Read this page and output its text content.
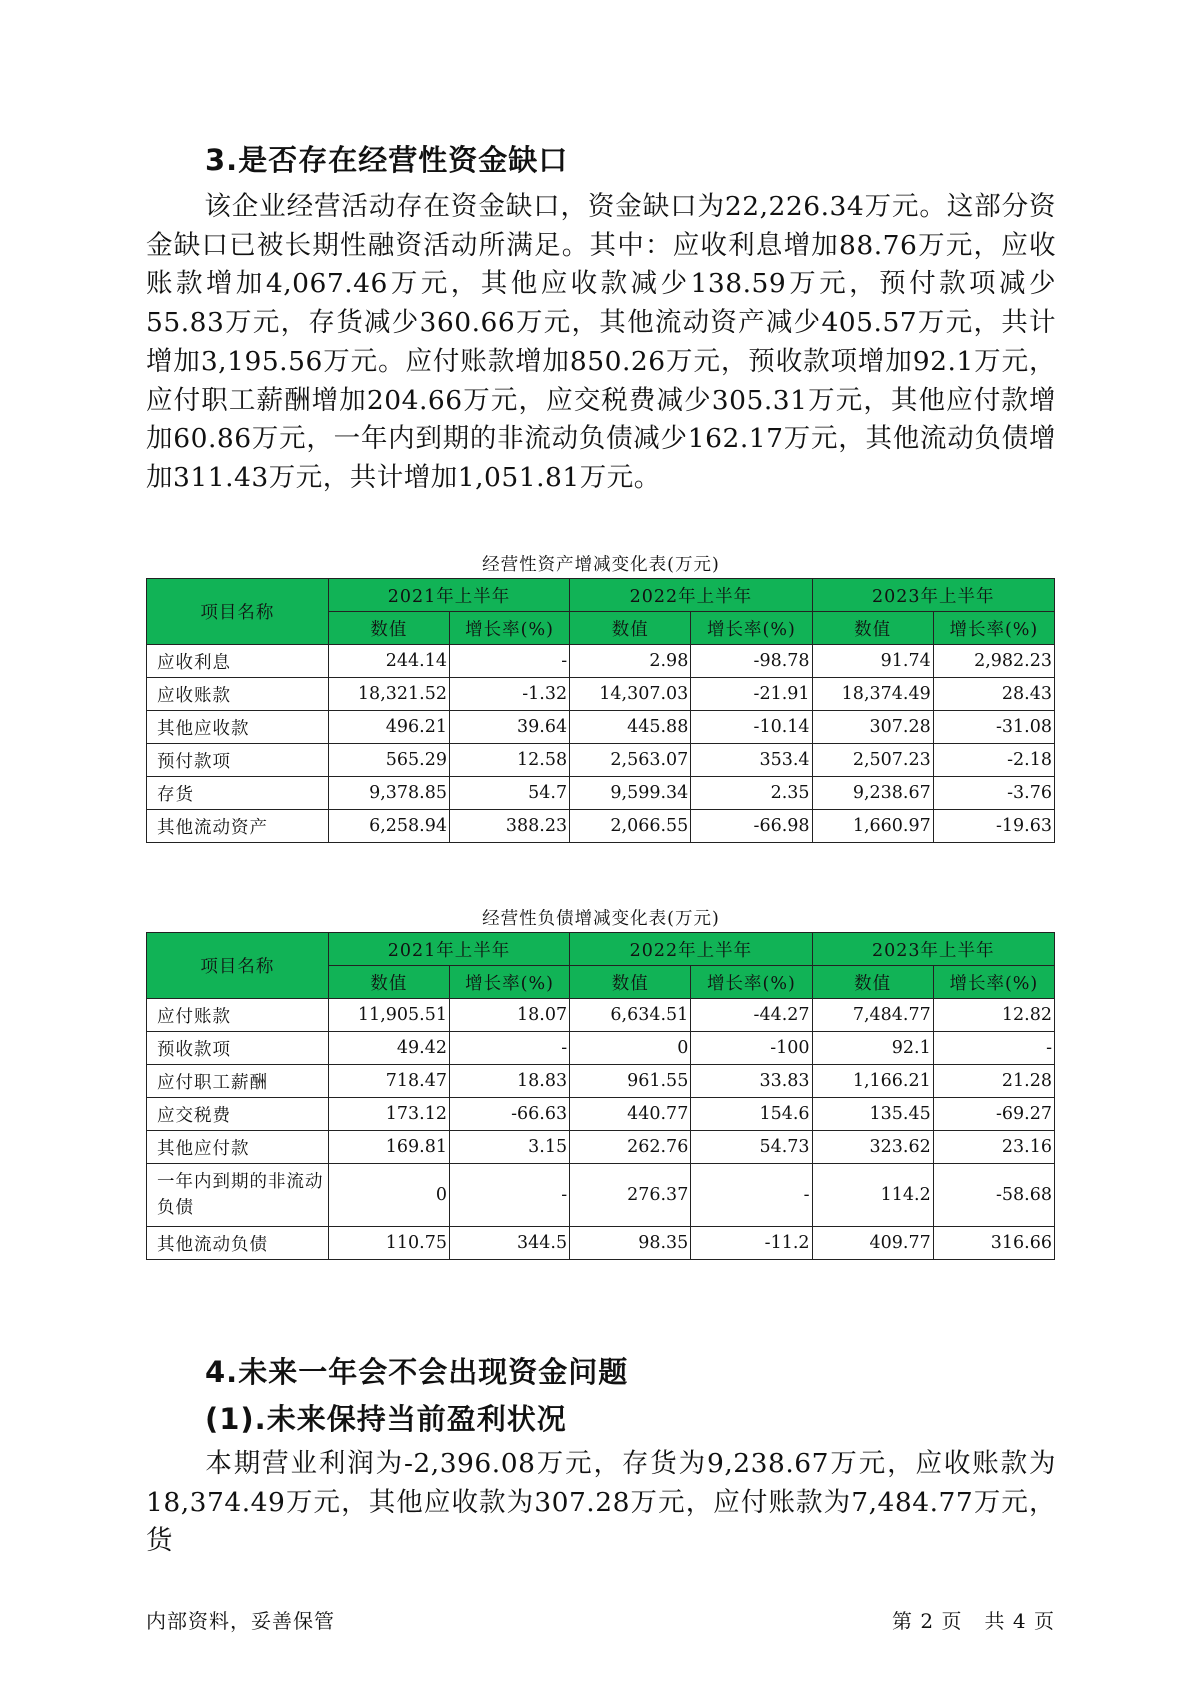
3.是否存在经营性资金缺口

该企业经营活动存在资金缺口，资金缺口为22,226.34万元。这部分资金缺口已被长期性融资活动所满足。其中：应收利息增加88.76万元，应收账款增加4,067.46万元，其他应收款减少138.59万元，预付款项减少55.83万元，存货减少360.66万元，其他流动资产减少405.57万元，共计增加3,195.56万元。应付账款增加850.26万元，预收款项增加92.1万元，应付职工薪酬增加204.66万元，应交税费减少305.31万元，其他应付款增加60.86万元，一年内到期的非流动负债减少162.17万元，其他流动负债增加311.43万元，共计增加1,051.81万元。

经营性资产增减变化表(万元)
项目名称	2021年上半年		2022年上半年		2023年上半年	
	数值	增长率(%)	数值	增长率(%)	数值	增长率(%)
应收利息	244.14	-	2.98	-98.78	91.74	2,982.23
应收账款	18,321.52	-1.32	14,307.03	-21.91	18,374.49	28.43
其他应收款	496.21	39.64	445.88	-10.14	307.28	-31.08
预付款项	565.29	12.58	2,563.07	353.4	2,507.23	-2.18
存货	9,378.85	54.7	9,599.34	2.35	9,238.67	-3.76
其他流动资产	6,258.94	388.23	2,066.55	-66.98	1,660.97	-19.63
经营性负债增减变化表(万元)
项目名称	2021年上半年		2022年上半年		2023年上半年	
	数值	增长率(%)	数值	增长率(%)	数值	增长率(%)
应付账款	11,905.51	18.07	6,634.51	-44.27	7,484.77	12.82
预收款项	49.42	-	0	-100	92.1	-
应付职工薪酬	718.47	18.83	961.55	33.83	1,166.21	21.28
应交税费	173.12	-66.63	440.77	154.6	135.45	-69.27
其他应付款	169.81	3.15	262.76	54.73	323.62	23.16
一年内到期的非流动负债	0	-	276.37	-	114.2	-58.68
其他流动负债	110.75	344.5	98.35	-11.2	409.77	316.66
4.未来一年会不会出现资金问题
(1).未来保持当前盈利状况

本期营业利润为-2,396.08万元，存货为9,238.67万元，应收账款为18,374.49万元，其他应收款为307.28万元，应付账款为7,484.77万元，货

内部资料，妥善保管	第 2 页   共 4 页
